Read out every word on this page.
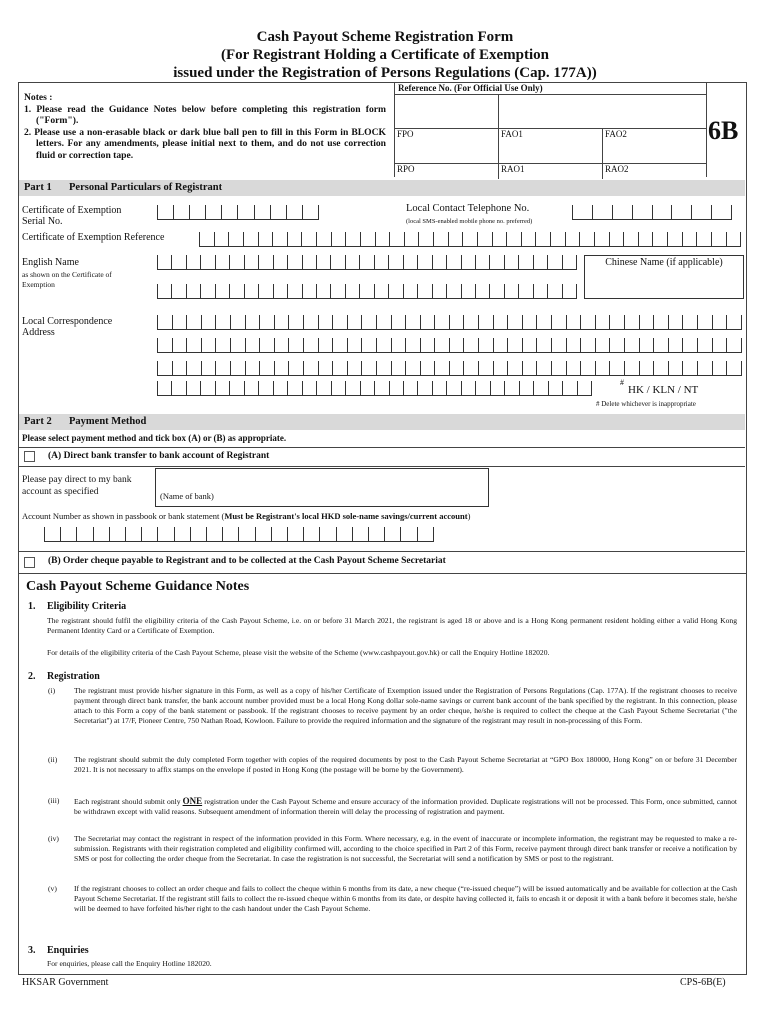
Cash Payout Scheme Registration Form
(For Registrant Holding a Certificate of Exemption
issued under the Registration of Persons Regulations (Cap. 177A))
Notes :
1. Please read the Guidance Notes below before completing this registration form ("Form").
2. Please use a non-erasable black or dark blue ball pen to fill in this Form in BLOCK letters. For any amendments, please initial next to them, and do not use correction fluid or correction tape.
Reference No. (For Official Use Only)
FPO	FAO1	FAO2
RPO	RAO1	RAO2
6B
Part 1 Personal Particulars of Registrant
Certificate of Exemption
Serial No.
Certificate of Exemption Reference
Local Contact Telephone No.
(local SMS-enabled mobile phone no. preferred)
English Name
as shown on the Certificate of
Exemption
Chinese Name (if applicable)
Local Correspondence
Address
#
HK / KLN / NT
# Delete whichever is inappropriate
Part 2 Payment Method
Please select payment method and tick box (A) or (B) as appropriate.
(A) Direct bank transfer to bank account of Registrant
Please pay direct to my bank
account as specified	(Name of bank)
Account Number as shown in passbook or bank statement (Must be Registrant's local HKD sole-name savings/current account)
(B) Order cheque payable to Registrant and to be collected at the Cash Payout Scheme Secretariat
Cash Payout Scheme Guidance Notes
1. Eligibility Criteria
The registrant should fulfil the eligibility criteria of the Cash Payout Scheme, i.e. on or before 31 March 2021, the registrant is aged 18 or above and is a Hong Kong permanent resident holding either a valid Hong Kong Permanent Identity Card or a Certificate of Exemption.
For details of the eligibility criteria of the Cash Payout Scheme, please visit the website of the Scheme (www.cashpayout.gov.hk) or call the Enquiry Hotline 182020.
2. Registration
(i) The registrant must provide his/her signature in this Form, as well as a copy of his/her Certificate of Exemption issued under the Registration of Persons Regulations (Cap. 177A). If the registrant chooses to receive payment through direct bank transfer, the bank account number provided must be a local Hong Kong dollar sole-name savings or current bank account of the bank specified by the registrant. In this connection, please attach to this Form a copy of the bank statement or passbook. If the registrant chooses to receive payment by an order cheque, he/she is required to collect the cheque at the Cash Payout Scheme Secretariat ("the Secretariat") at 17/F, Pioneer Centre, 750 Nathan Road, Kowloon. Failure to provide the required information and the signature of the registrant may result in non-processing of this Form.
(ii) The registrant should submit the duly completed Form together with copies of the required documents by post to the Cash Payout Scheme Secretariat at “GPO Box 180000, Hong Kong” on or before 31 December 2021. It is not necessary to affix stamps on the envelope if posted in Hong Kong (the postage will be borne by the Government).
(iii) Each registrant should submit only ONE registration under the Cash Payout Scheme and ensure accuracy of the information provided. Duplicate registrations will not be processed. This Form, once submitted, cannot be withdrawn except with valid reasons. Subsequent amendment of information therein will delay the processing of registration and payment.
(iv) The Secretariat may contact the registrant in respect of the information provided in this Form. Where necessary, e.g. in the event of inaccurate or incomplete information, the registrant may be requested to make a re-submission. Registrants with their registration completed and eligibility confirmed will, according to the choice specified in Part 2 of this Form, receive payment through direct bank transfer or receive a notification by SMS or post for collecting the order cheque from the Secretariat. In case the registration is not successful, the Secretariat will send a notification by SMS or post to the registrant.
(v) If the registrant chooses to collect an order cheque and fails to collect the cheque within 6 months from its date, a new cheque (“re-issued cheque”) will be issued automatically and be available for collection at the Cash Payout Scheme Secretariat. If the registrant still fails to collect the re-issued cheque within 6 months from its date, or despite having collected it, fails to encash it or deposit it with a bank before it becomes stale, he/she will be deemed to have forfeited his/her right to the cash handout under the Cash Payout Scheme.
3. Enquiries
For enquiries, please call the Enquiry Hotline 182020.
HKSAR Government	CPS-6B(E)
